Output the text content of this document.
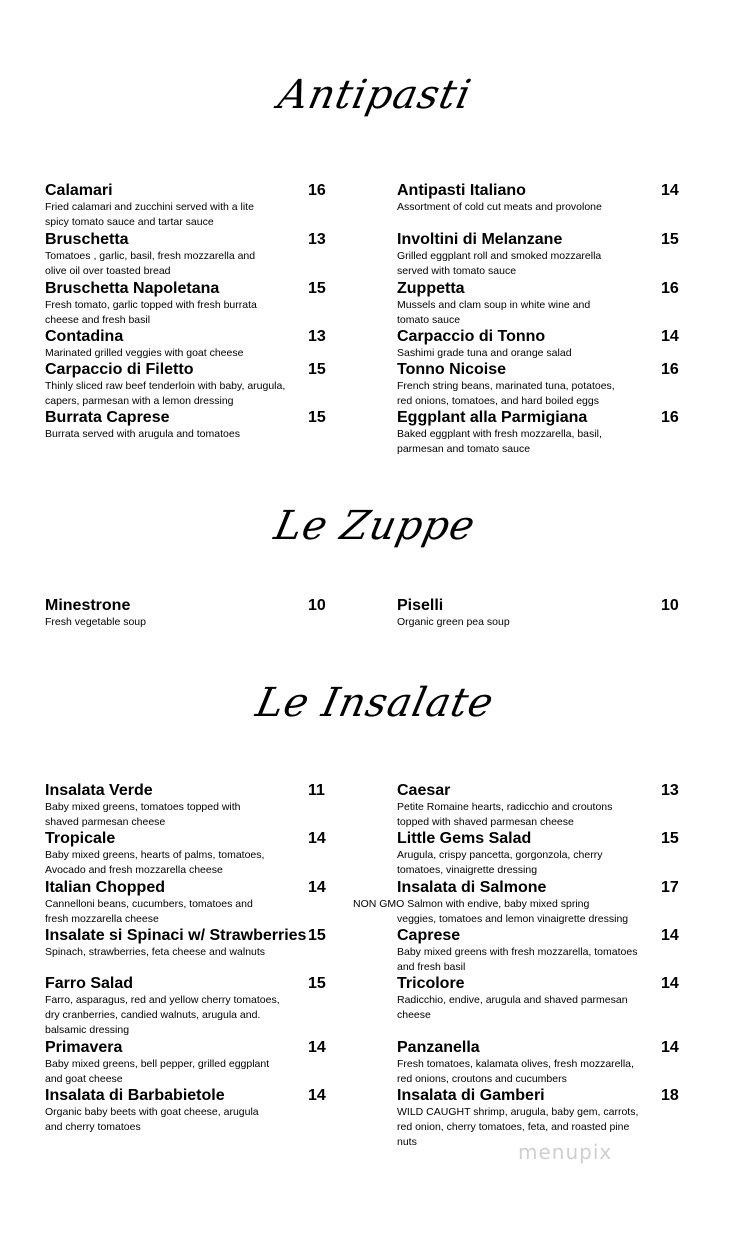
Antipasti
Le Zuppe
Le Insalate
Calamari
Fried calamari and zucchini served with a lite
spicy tomato sauce and tartar sauce
16
Bruschetta
Tomatoes , garlic, basil, fresh mozzarella and
olive oil over toasted bread
13
Bruschetta Napoletana
Fresh tomato, garlic topped with fresh burrata
cheese and fresh basil
15
Contadina
Marinated grilled veggies with goat cheese
13
Carpaccio di Filetto
Thinly sliced raw beef tenderloin with baby, arugula,
capers, parmesan with a lemon dressing
15
Burrata Caprese
Burrata served with arugula and tomatoes
15
Antipasti Italiano
Assortment of cold cut meats and provolone
14
Involtini di Melanzane
Grilled eggplant roll and smoked mozzarella
served with tomato sauce
15
Zuppetta
Mussels and clam soup in white wine and
tomato sauce
16
Carpaccio di Tonno
Sashimi grade tuna and orange salad
14
Tonno Nicoise
French string beans, marinated tuna, potatoes,
red onions, tomatoes, and hard boiled eggs
16
Eggplant alla Parmigiana
Baked eggplant with fresh mozzarella, basil,
parmesan and tomato sauce
16
Minestrone
Fresh vegetable soup
10	Piselli
Organic green pea soup
10
Insalata Verde
Baby mixed greens, tomatoes topped with
shaved parmesan cheese
11
Tropicale
Baby mixed greens, hearts of palms, tomatoes,
Avocado and fresh mozzarella cheese
14
Italian Chopped
Cannelloni beans, cucumbers, tomatoes and
fresh mozzarella cheese
14
Insalate si Spinaci w/ Strawberries
Spinach, strawberries, feta cheese and walnuts
15
Farro Salad
Farro, asparagus, red and yellow cherry tomatoes,
dry cranberries, candied walnuts, arugula and.
balsamic dressing
15
Primavera
Baby mixed greens, bell pepper, grilled eggplant
and goat cheese
14
Insalata di Barbabietole
Organic baby beets with goat cheese, arugula
and cherry tomatoes
14
Caesar
Petite Romaine hearts, radicchio and croutons
topped with shaved parmesan cheese
13
Little Gems Salad
Arugula, crispy pancetta, gorgonzola, cherry
tomatoes, vinaigrette dressing
15
Insalata di Salmone
NON GMO Salmon with endive, baby mixed spring
veggies, tomatoes and lemon vinaigrette dressing
17
Caprese
Baby mixed greens with fresh mozzarella, tomatoes
and fresh basil
14
Tricolore
Radicchio, endive, arugula and shaved parmesan
cheese
14
Panzanella
Fresh tomatoes, kalamata olives, fresh mozzarella,
red onions, croutons and cucumbers
14
Insalata di Gamberi
WILD CAUGHT shrimp, arugula, baby gem, carrots,
red onion, cherry tomatoes, feta, and roasted pine
nuts
18
menupix
